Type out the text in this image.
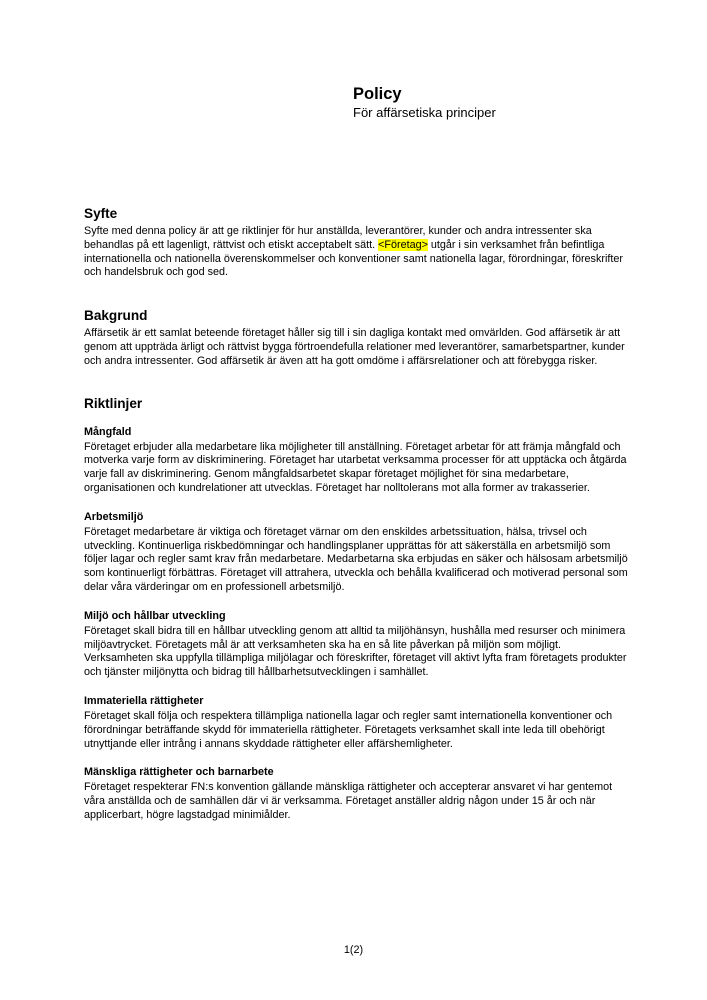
Policy

För affärsetiska principer

Syfte

Syfte med denna policy är att ge riktlinjer för hur anställda, leverantörer, kunder och andra intressenter ska behandlas på ett lagenligt, rättvist och etiskt acceptabelt sätt. <Företag> utgår i sin verksamhet från befintliga internationella och nationella överenskommelser och konventioner samt nationella lagar, förordningar, föreskrifter och handelsbruk och god sed.

Bakgrund

Affärsetik är ett samlat beteende företaget håller sig till i sin dagliga kontakt med omvärlden. God affärsetik är att genom att uppträda ärligt och rättvist bygga förtroendefulla relationer med leverantörer, samarbetspartner, kunder och andra intressenter. God affärsetik är även att ha gott omdöme i affärsrelationer och att förebygga risker.

Riktlinjer

Mångfald

Företaget erbjuder alla medarbetare lika möjligheter till anställning. Företaget arbetar för att främja mångfald och motverka varje form av diskriminering. Företaget har utarbetat verksamma processer för att upptäcka och åtgärda varje fall av diskriminering. Genom mångfaldsarbetet skapar företaget möjlighet för sina medarbetare, organisationen och kundrelationer att utvecklas. Företaget har nolltolerans mot alla former av trakasserier.

Arbetsmiljö

Företaget medarbetare är viktiga och företaget värnar om den enskildes arbetssituation, hälsa, trivsel och utveckling. Kontinuerliga riskbedömningar och handlingsplaner upprättas för att säkerställa en arbetsmiljö som följer lagar och regler samt krav från medarbetare. Medarbetarna ska erbjudas en säker och hälsosam arbetsmiljö som kontinuerligt förbättras. Företaget vill attrahera, utveckla och behålla kvalificerad och motiverad personal som delar våra värderingar om en professionell arbetsmiljö.

Miljö och hållbar utveckling

Företaget skall bidra till en hållbar utveckling genom att alltid ta miljöhänsyn, hushålla med resurser och minimera miljöavtrycket. Företagets mål är att verksamheten ska ha en så lite påverkan på miljön som möjligt. Verksamheten ska uppfylla tillämpliga miljölagar och föreskrifter, företaget vill aktivt lyfta fram företagets produkter och tjänster miljönytta och bidrag till hållbarhetsutvecklingen i samhället.

Immateriella rättigheter

Företaget skall följa och respektera tillämpliga nationella lagar och regler samt internationella konventioner och förordningar beträffande skydd för immateriella rättigheter. Företagets verksamhet skall inte leda till obehörigt utnyttjande eller intrång i annans skyddade rättigheter eller affärshemligheter.

Mänskliga rättigheter och barnarbete

Företaget respekterar FN:s konvention gällande mänskliga rättigheter och accepterar ansvaret vi har gentemot våra anställda och de samhällen där vi är verksamma. Företaget anställer aldrig någon under 15 år och när applicerbart, högre lagstadgad minimiålder.

1(2)
